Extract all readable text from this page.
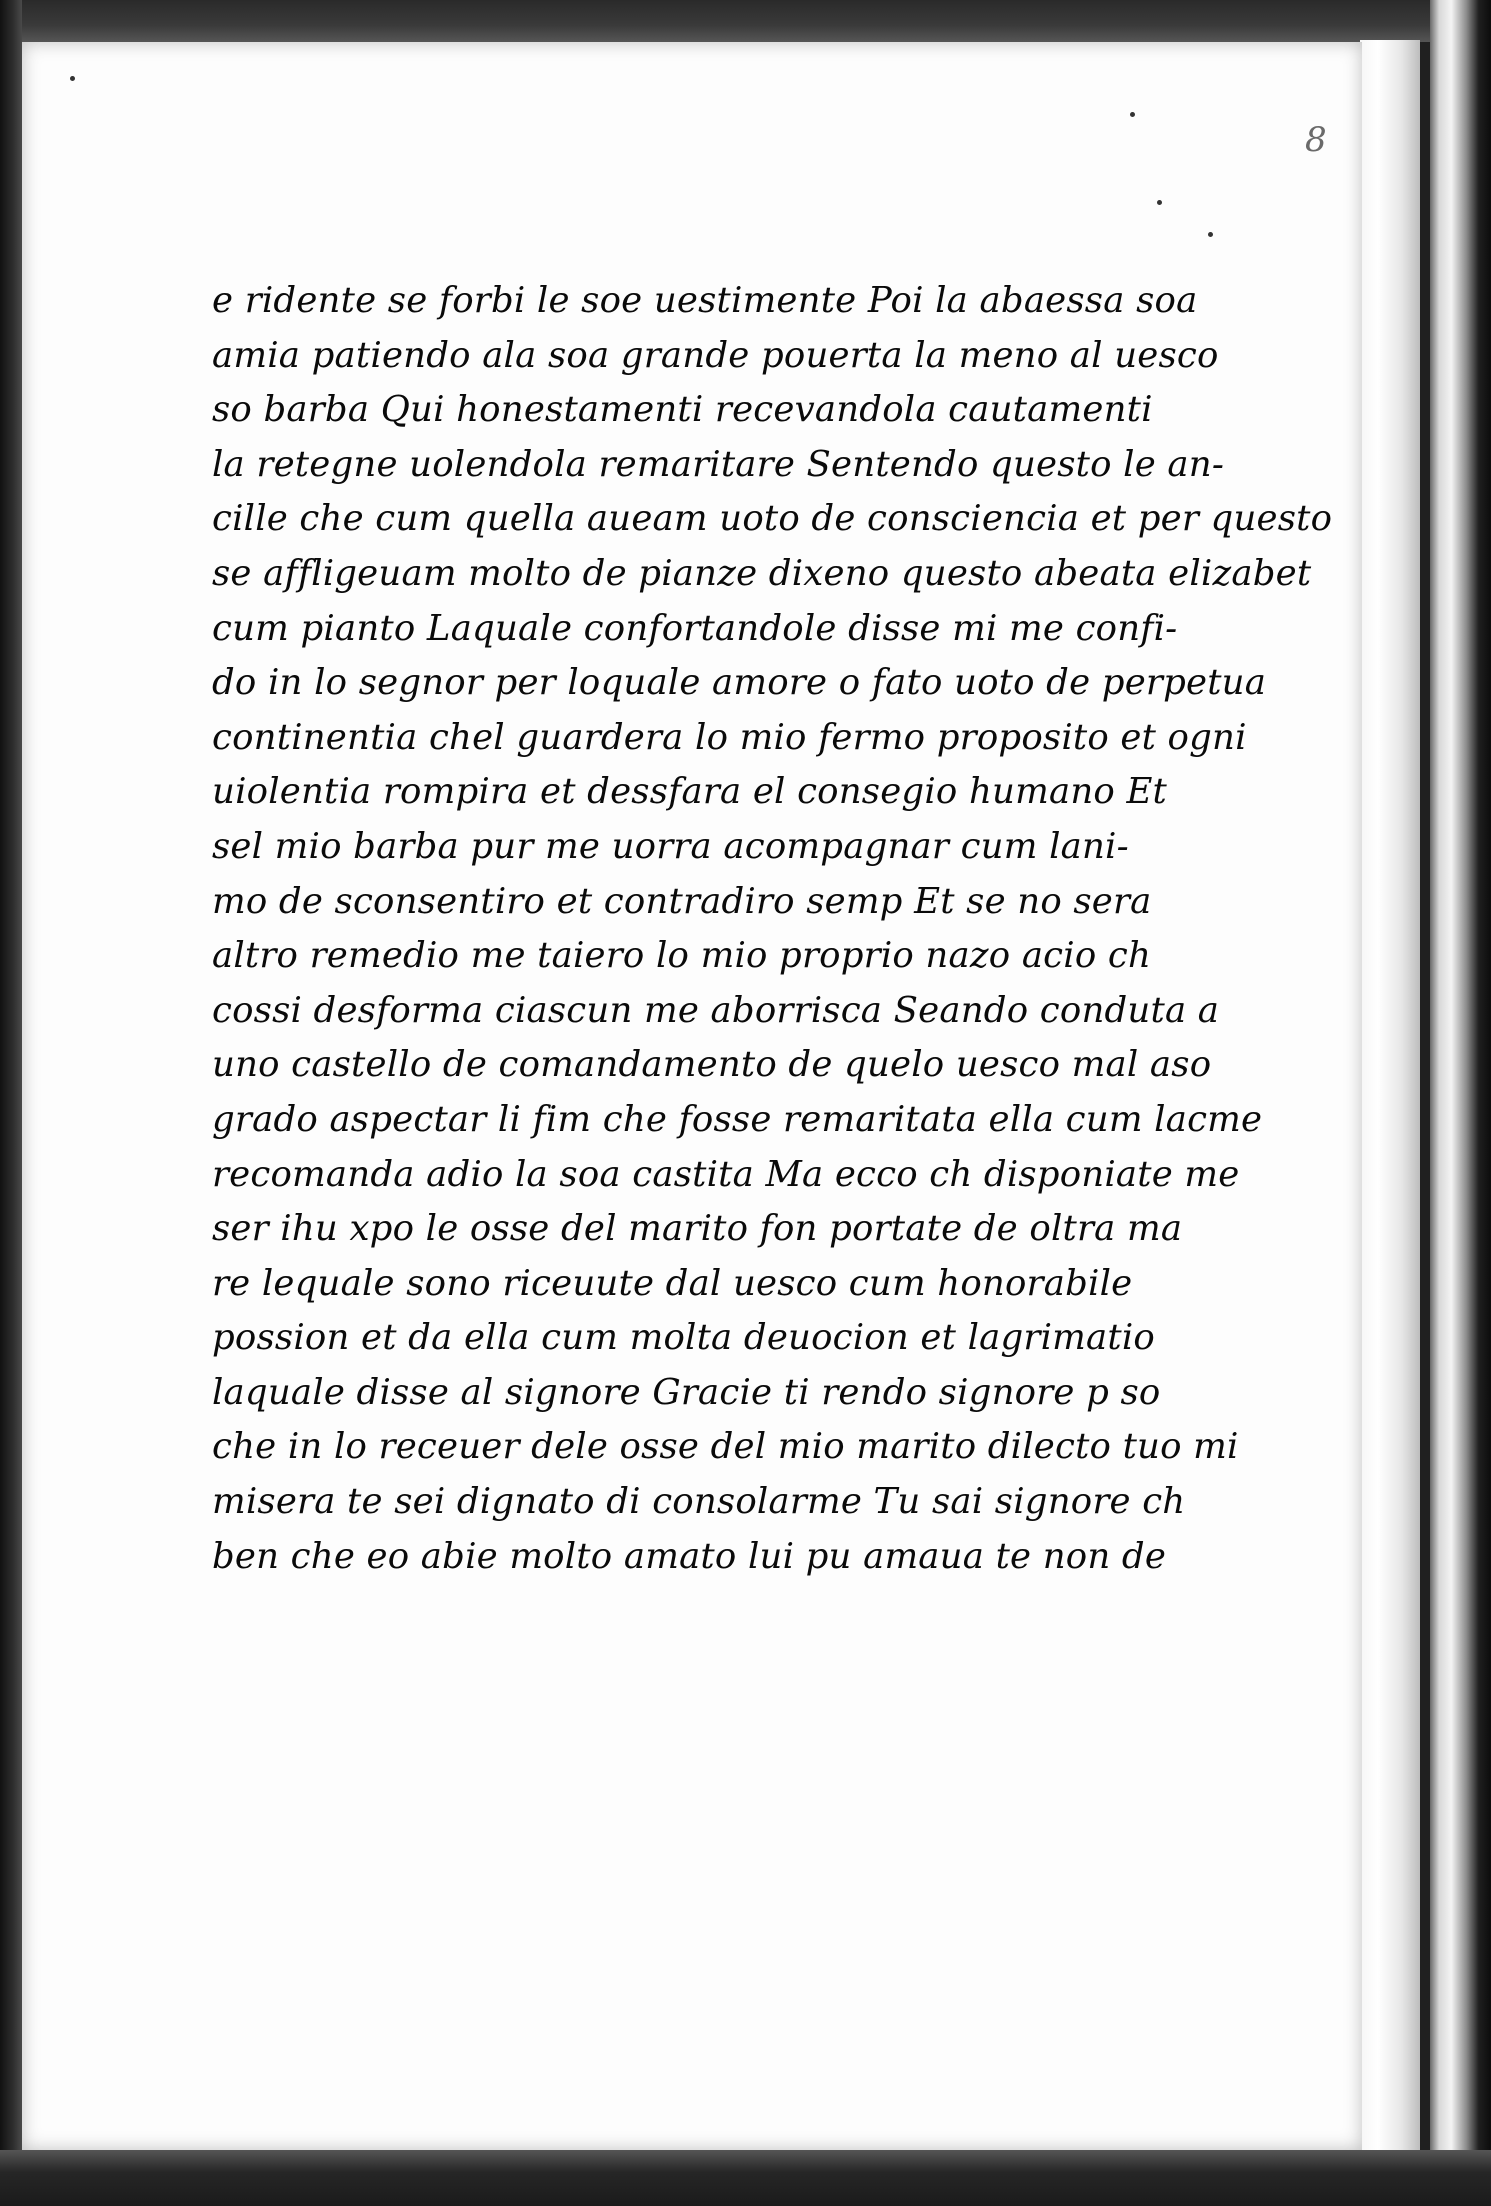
8
e ridente se forbi le soe uestimente Poi la abaessa soa
amia patiendo ala soa grande pouerta la meno al uesco
so barba Qui honestamenti recevandola cautamenti
la retegne uolendola remaritare Sentendo questo le an-
cille che cum quella aueam uoto de consciencia et per questo
se affligeuam molto de pianze dixeno questo abeata elizabet
cum pianto Laquale confortandole disse mi me confi-
do in lo segnor per loquale amore o fato uoto de perpetua
continentia chel guardera lo mio fermo proposito et ogni
uiolentia rompira et dessfara el consegio humano Et
sel mio barba pur me uorra acompagnar cum lani-
mo de sconsentiro et contradiro semp Et se no sera
altro remedio me taiero lo mio proprio nazo acio ch
cossi desforma ciascun me aborrisca Seando conduta a
uno castello de comandamento de quelo uesco mal aso
grado aspectar li fim che fosse remaritata ella cum lacme
recomanda adio la soa castita Ma ecco ch disponiate me
ser ihu xpo le osse del marito fon portate de oltra ma
re lequale sono riceuute dal uesco cum honorabile
possion et da ella cum molta deuocion et lagrimatio
laquale disse al signore Gracie ti rendo signore p so
che in lo receuer dele osse del mio marito dilecto tuo mi
misera te sei dignato di consolarme Tu sai signore ch
ben che eo abie molto amato lui pu amaua te non de
